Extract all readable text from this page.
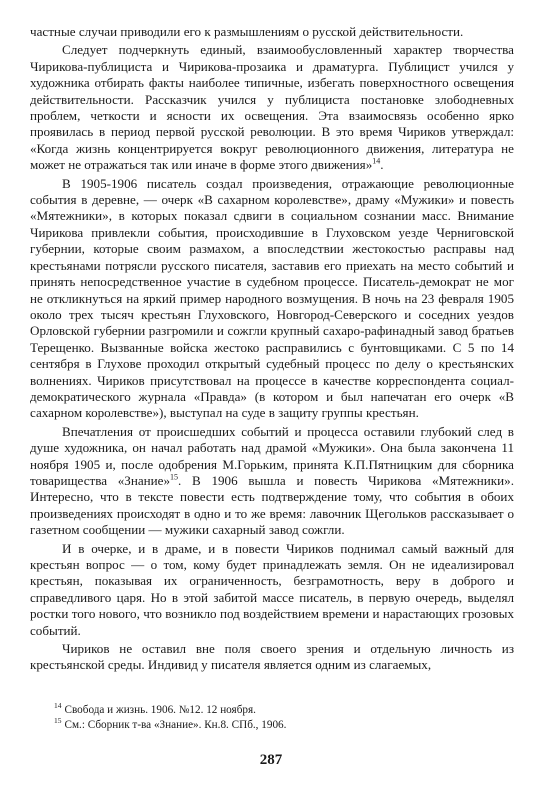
частные случаи приводили его к размышлениям о русской действительности.

Следует подчеркнуть единый, взаимообусловленный характер творчества Чирикова-публициста и Чирикова-прозаика и драматурга. Публицист учился у художника отбирать факты наиболее типичные, избегать поверхностного освещения действительности. Рассказчик учился у публициста постановке злободневных проблем, четкости и ясности их освещения. Эта взаимосвязь особенно ярко проявилась в период первой русской революции. В это время Чириков утверждал: «Когда жизнь концентрируется вокруг революционного движения, литература не может не отражаться так или иначе в форме этого движения»$^{14}$.

В 1905-1906 писатель создал произведения, отражающие революционные события в деревне, — очерк «В сахарном королевстве», драму «Мужики» и повесть «Мятежники», в которых показал сдвиги в социальном сознании масс. Внимание Чирикова привлекли события, происходившие в Глуховском уезде Черниговской губернии, которые своим размахом, а впоследствии жестокостью расправы над крестьянами потрясли русского писателя, заставив его приехать на место событий и принять непосредственное участие в судебном процессе. Писатель-демократ не мог не откликнуться на яркий пример народного возмущения. В ночь на 23 февраля 1905 около трех тысяч крестьян Глуховского, Новгород-Северского и соседних уездов Орловской губернии разгромили и сожгли крупный сахаро-рафинадный завод братьев Терещенко. Вызванные войска жестоко расправились с бунтовщиками. С 5 по 14 сентября в Глухове проходил открытый судебный процесс по делу о крестьянских волнениях. Чириков присутствовал на процессе в качестве корреспондента социал-демократического журнала «Правда» (в котором и был напечатан его очерк «В сахарном королевстве»), выступал на суде в защиту группы крестьян.

Впечатления от происшедших событий и процесса оставили глубокий след в душе художника, он начал работать над драмой «Мужики». Она была закончена 11 ноября 1905 и, после одобрения М.Горьким, принята К.П.Пятницким для сборника товарищества «Знание»$^{15}$. В 1906 вышла и повесть Чирикова «Мятежники». Интересно, что в тексте повести есть подтверждение тому, что события в обоих произведениях происходят в одно и то же время: лавочник Щегольков рассказывает о газетном сообщении — мужики сахарный завод сожгли.

И в очерке, и в драме, и в повести Чириков поднимал самый важный для крестьян вопрос — о том, кому будет принадлежать земля. Он не идеализировал крестьян, показывая их ограниченность, безграмотность, веру в доброго и справедливого царя. Но в этой забитой массе писатель, в первую очередь, выделял ростки того нового, что возникло под воздействием времени и нарастающих грозовых событий.

Чириков не оставил вне поля своего зрения и отдельную личность из крестьянской среды. Индивид у писателя является одним из слагаемых,

$^{14}$ Свобода и жизнь. 1906. №12. 12 ноября.
$^{15}$ См.: Сборник т-ва «Знание». Кн.8. СПб., 1906.
287
